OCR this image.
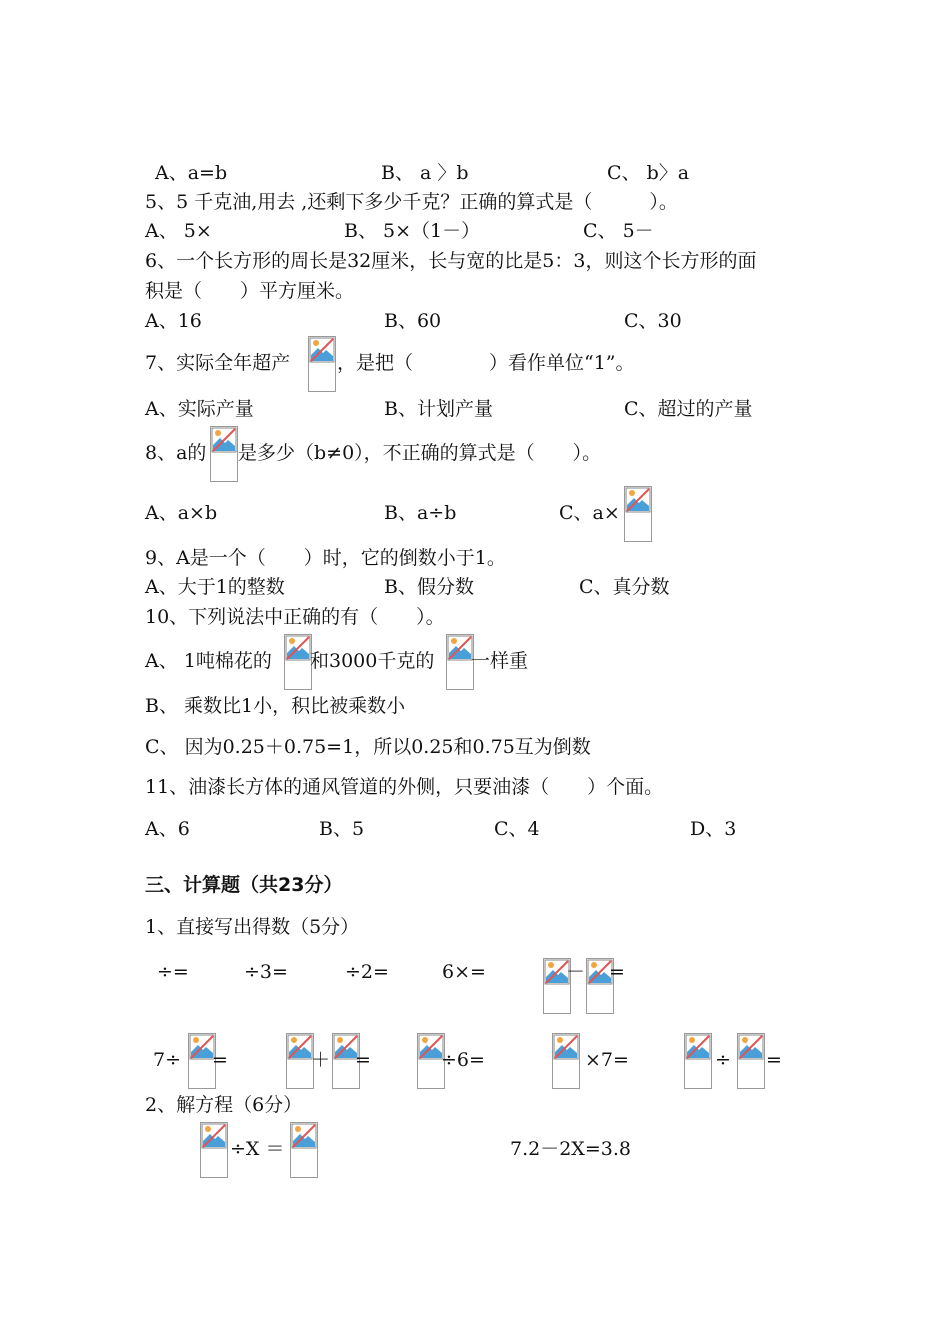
A、a=b	B、 a 〉b	C、 b〉a
5、5 千克油,用去 ,还剩下多少千克？正确的算式是（　　　）。
A、 5×	B、 5×（1－）	C、 5－
6、一个长方形的周长是32厘米，长与宽的比是5：3，则这个长方形的面
积是（　　）平方厘米。
A、16	B、60	C、30
7、实际全年超产 ，是把（　　　　）看作单位“1”。
A、实际产量	B、计划产量	C、超过的产量
8、a的 是多少（b≠0），不正确的算式是（　　）。
A、a×b	B、a÷b	C、a×
9、A是一个（　　）时，它的倒数小于1。
A、大于1的整数	B、假分数	C、真分数
10、下列说法中正确的有（　　）。
A、 1吨棉花的 和3000千克的 一样重
B、 乘数比1小，积比被乘数小
C、 因为0.25＋0.75=1，所以0.25和0.75互为倒数
11、油漆长方体的通风管道的外侧，只要油漆（　　）个面。
A、6	B、5	C、4	D、3
三、计算题（共23分）
1、直接写出得数（5分）
÷=	÷3=	÷2=	6×=	－ =
7÷ =	＋ =	÷6=	×7=	÷ =
2、解方程（6分）
÷X ＝	7.2－2X=3.8
